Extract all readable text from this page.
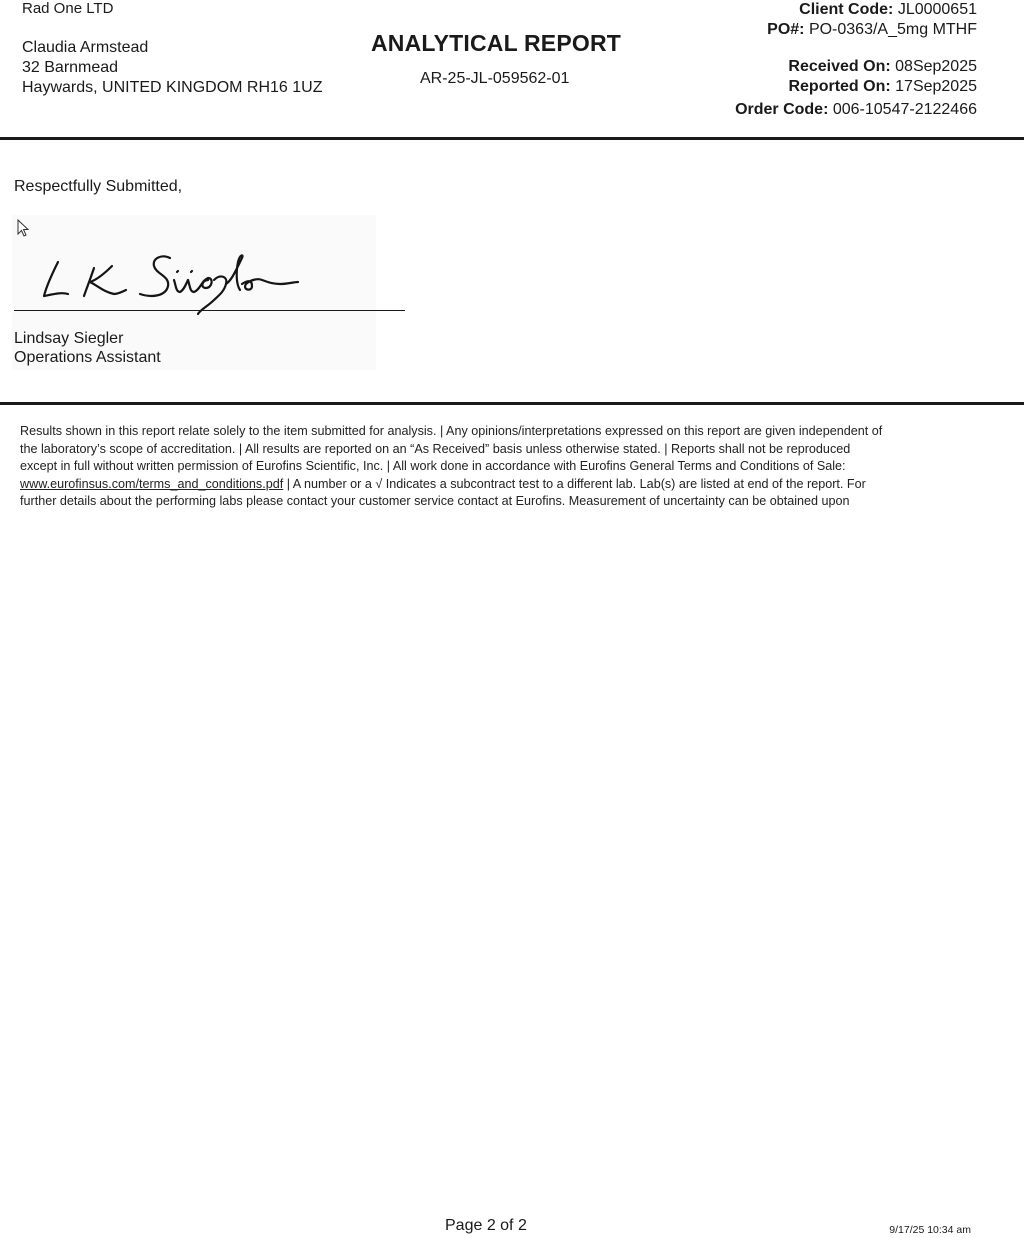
Rad One LTD
Claudia Armstead
32 Barnmead
Haywards, UNITED KINGDOM RH16 1UZ
ANALYTICAL REPORT
AR-25-JL-059562-01
Client Code: JL0000651
PO#: PO-0363/A_5mg MTHF
Received On: 08Sep2025
Reported On: 17Sep2025
Order Code: 006-10547-2122466
Respectfully Submitted,
Lindsay Siegler
Operations Assistant
Results shown in this report relate solely to the item submitted for analysis. | Any opinions/interpretations expressed on this report are given independent of
the laboratory’s scope of accreditation. | All results are reported on an “As Received” basis unless otherwise stated. | Reports shall not be reproduced
except in full without written permission of Eurofins Scientific, Inc. | All work done in accordance with Eurofins General Terms and Conditions of Sale:
www.eurofinsus.com/terms_and_conditions.pdf | A number or a √ Indicates a subcontract test to a different lab. Lab(s) are listed at end of the report. For
further details about the performing labs please contact your customer service contact at Eurofins. Measurement of uncertainty can be obtained upon
Page 2 of 2	9/17/25 10:34 am
